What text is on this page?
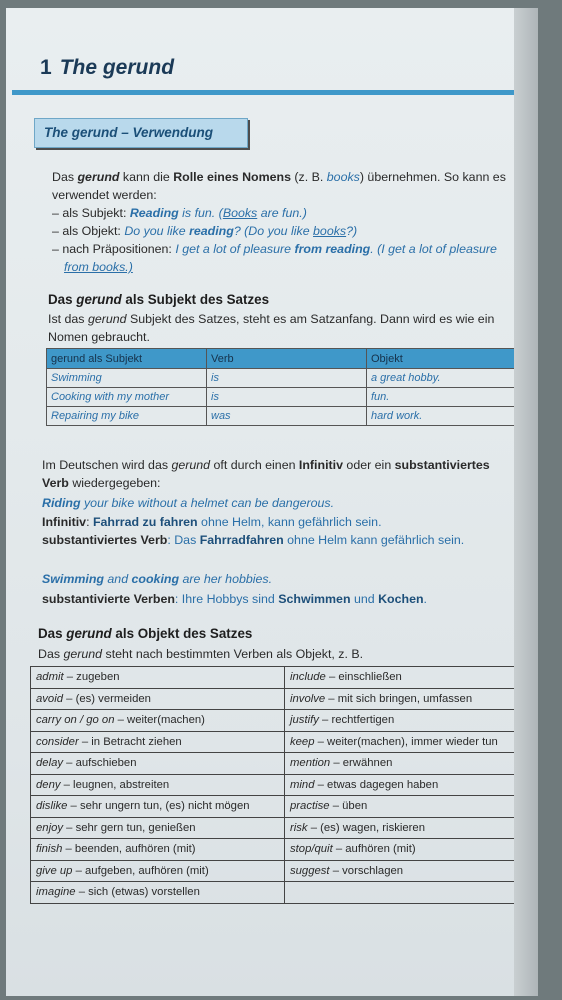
1 The gerund
The gerund – Verwendung
Das gerund kann die Rolle eines Nomens (z. B. books) übernehmen. So kann es
verwendet werden:
– als Subjekt: Reading is fun. (Books are fun.)
– als Objekt: Do you like reading? (Do you like books?)
– nach Präpositionen: I get a lot of pleasure from reading. (I get a lot of pleasure
from books.)
Das gerund als Subjekt des Satzes
Ist das gerund Subjekt des Satzes, steht es am Satzanfang. Dann wird es wie ein
Nomen gebraucht.
gerund als Subjekt	Verb	Objekt
Swimming	is	a great hobby.
Cooking with my mother	is	fun.
Repairing my bike	was	hard work.
Im Deutschen wird das gerund oft durch einen Infinitiv oder ein substantiviertes
Verb wiedergegeben:
Riding your bike without a helmet can be dangerous.
Infinitiv: Fahrrad zu fahren ohne Helm, kann gefährlich sein.
substantiviertes Verb: Das Fahrradfahren ohne Helm kann gefährlich sein.
Swimming and cooking are her hobbies.
substantivierte Verben: Ihre Hobbys sind Schwimmen und Kochen.
Das gerund als Objekt des Satzes
Das gerund steht nach bestimmten Verben als Objekt, z. B.
admit – zugeben	include – einschließen
avoid – (es) vermeiden	involve – mit sich bringen, umfassen
carry on / go on – weiter(machen)	justify – rechtfertigen
consider – in Betracht ziehen	keep – weiter(machen), immer wieder tun
delay – aufschieben	mention – erwähnen
deny – leugnen, abstreiten	mind – etwas dagegen haben
dislike – sehr ungern tun, (es) nicht mögen	practise – üben
enjoy – sehr gern tun, genießen	risk – (es) wagen, riskieren
finish – beenden, aufhören (mit)	stop/quit – aufhören (mit)
give up – aufgeben, aufhören (mit)	suggest – vorschlagen
imagine – sich (etwas) vorstellen	
